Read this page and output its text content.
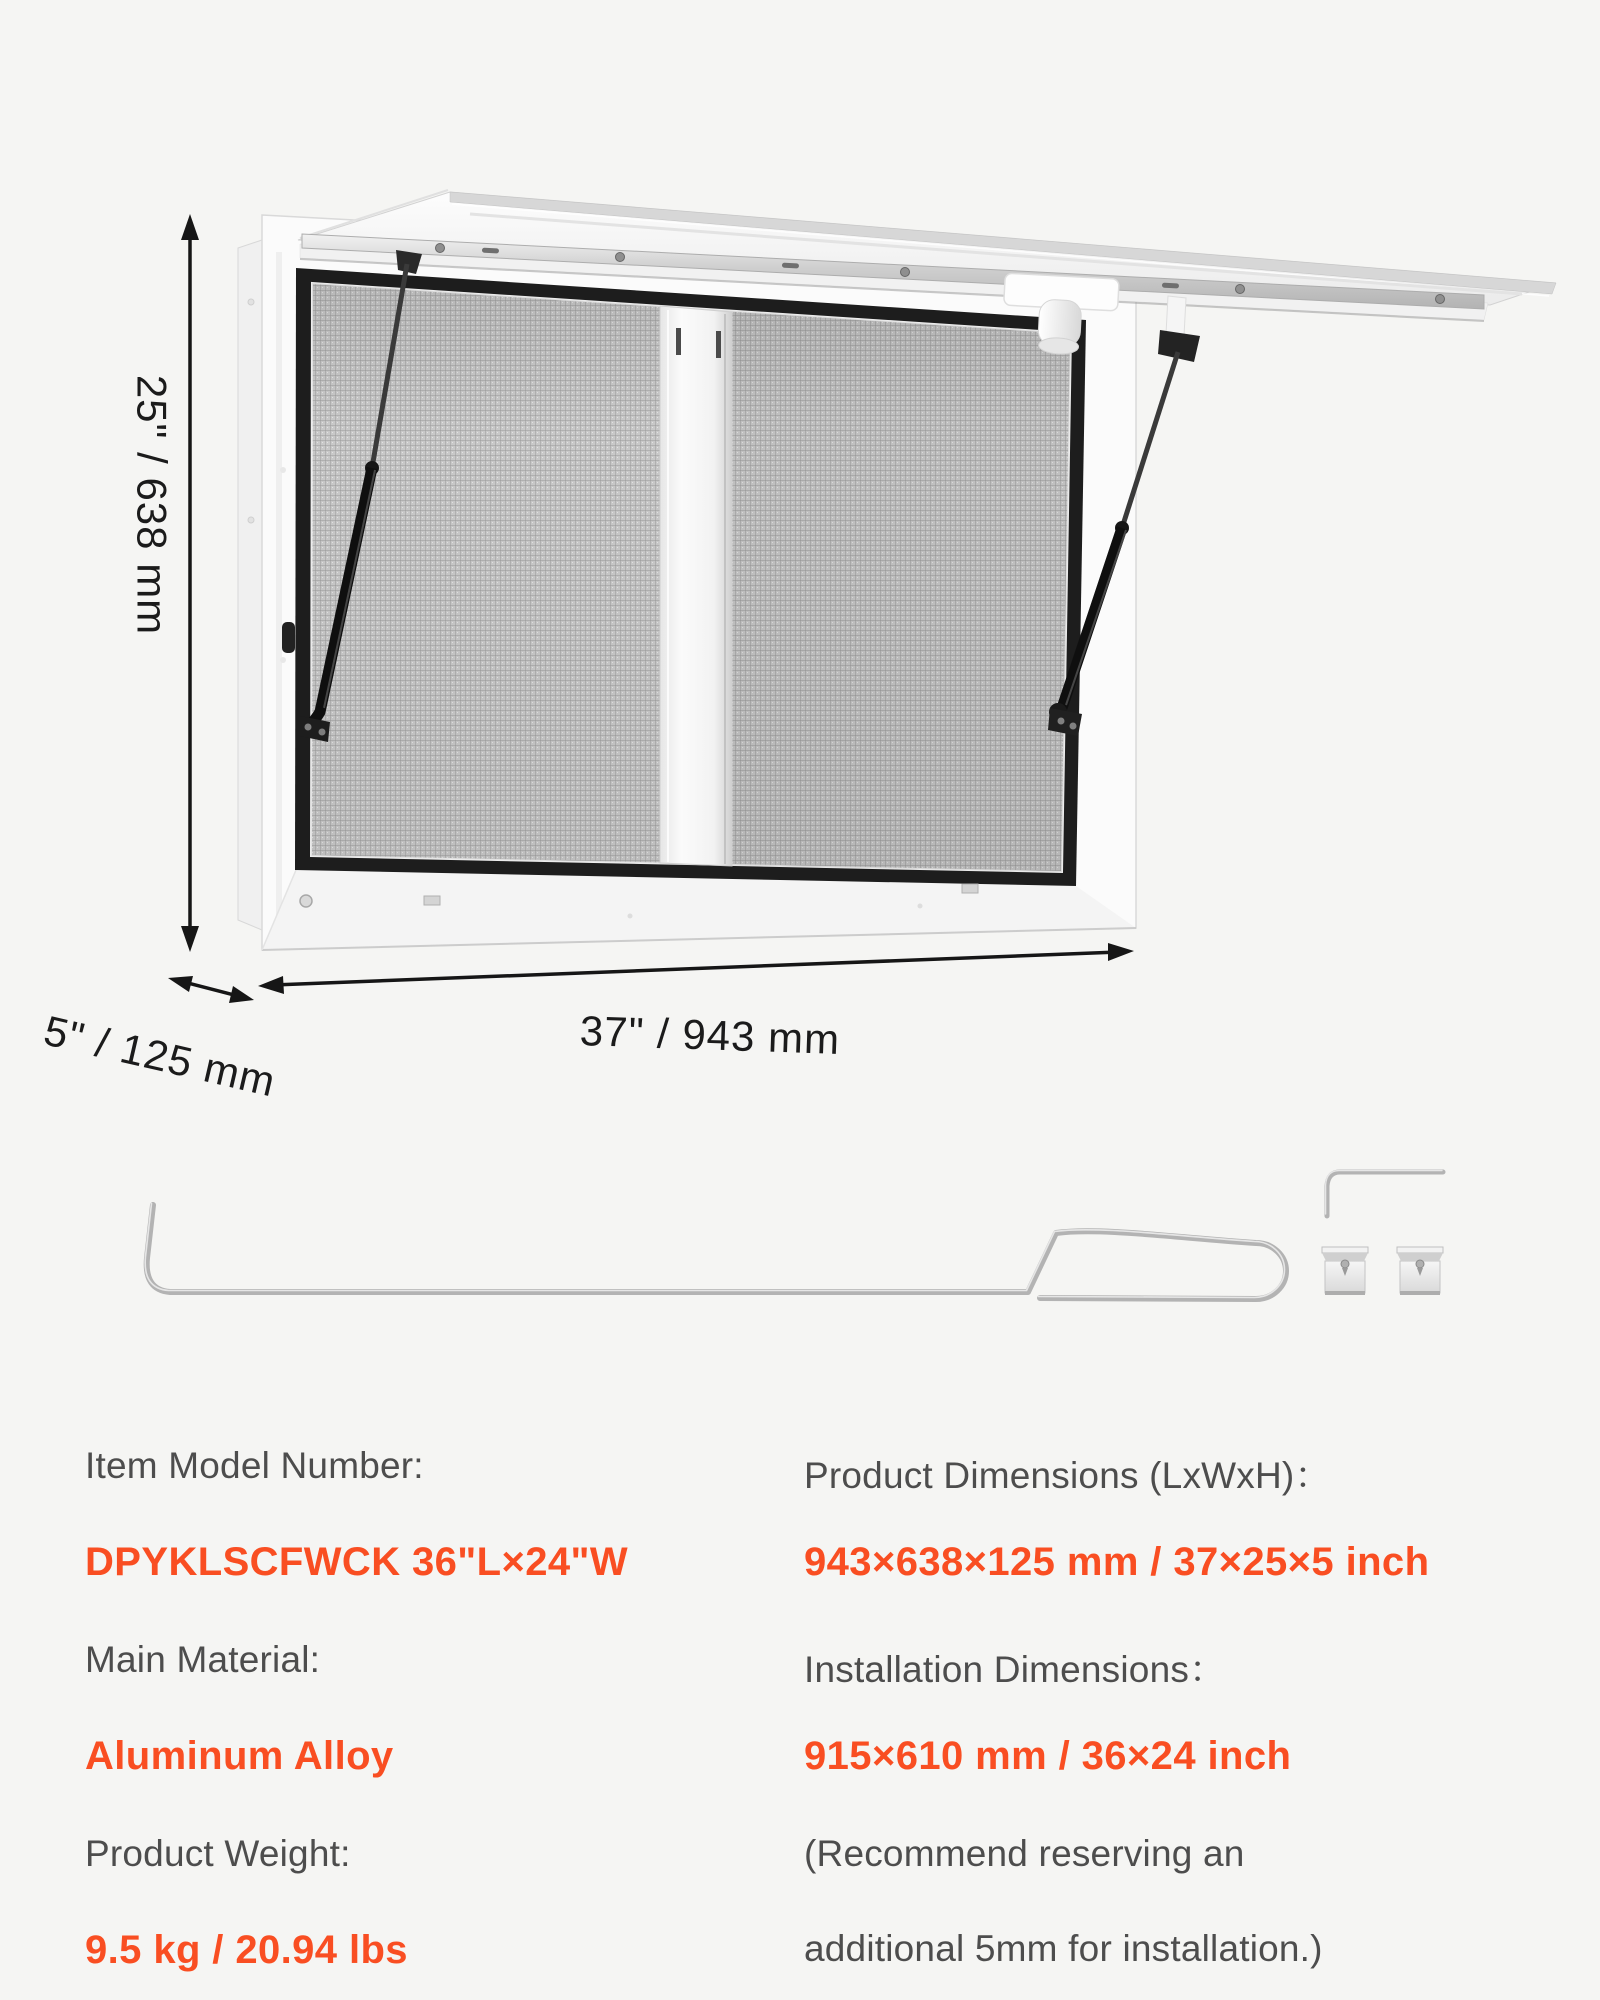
25" / 638 mm
37" / 943 mm
5" / 125 mm
Item Model Number:
DPYKLSCFWCK 36"L×24"W
Main Material:
Aluminum Alloy
Product Weight:
9.5 kg / 20.94 lbs
Product Dimensions (LxWxH)：
943×638×125 mm / 37×25×5 inch
Installation Dimensions：
915×610 mm / 36×24 inch
(Recommend reserving an
additional 5mm for installation.)
